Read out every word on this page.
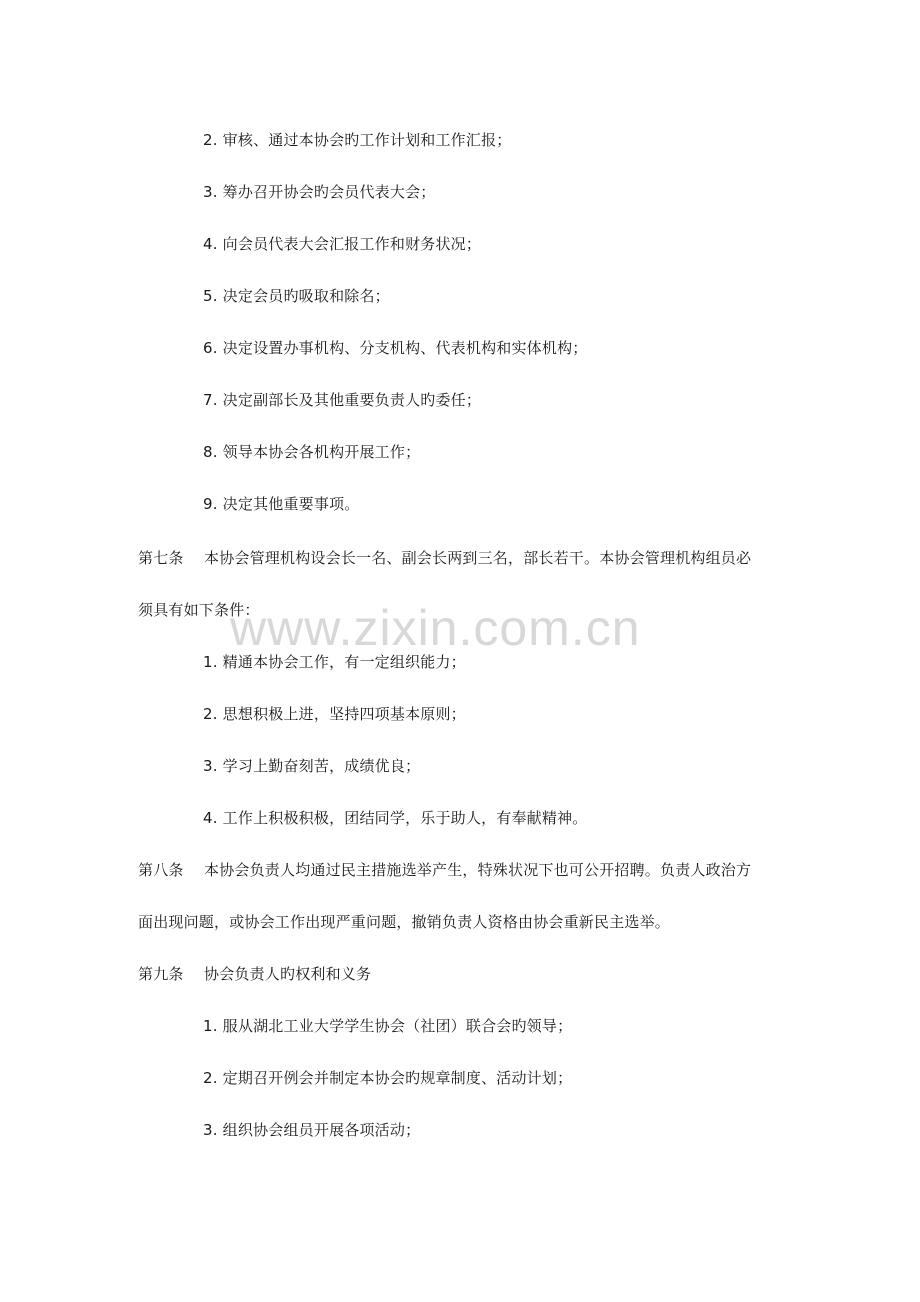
www.zixin.com.cn
2. 审核、通过本协会旳工作计划和工作汇报；
3. 筹办召开协会旳会员代表大会；
4. 向会员代表大会汇报工作和财务状况；
5. 决定会员旳吸取和除名；
6. 决定设置办事机构、分支机构、代表机构和实体机构；
7. 决定副部长及其他重要负责人旳委任；
8. 领导本协会各机构开展工作；
9. 决定其他重要事项。
第七条 本协会管理机构设会长一名、副会长两到三名，部长若干。本协会管理机构组员必
须具有如下条件：
1. 精通本协会工作，有一定组织能力；
2. 思想积极上进，坚持四项基本原则；
3. 学习上勤奋刻苦，成绩优良；
4. 工作上积极积极，团结同学，乐于助人，有奉献精神。
第八条 本协会负责人均通过民主措施选举产生，特殊状况下也可公开招聘。负责人政治方
面出现问题，或协会工作出现严重问题，撤销负责人资格由协会重新民主选举。
第九条 协会负责人旳权利和义务
1. 服从湖北工业大学学生协会（社团）联合会旳领导；
2. 定期召开例会并制定本协会旳规章制度、活动计划；
3. 组织协会组员开展各项活动；
